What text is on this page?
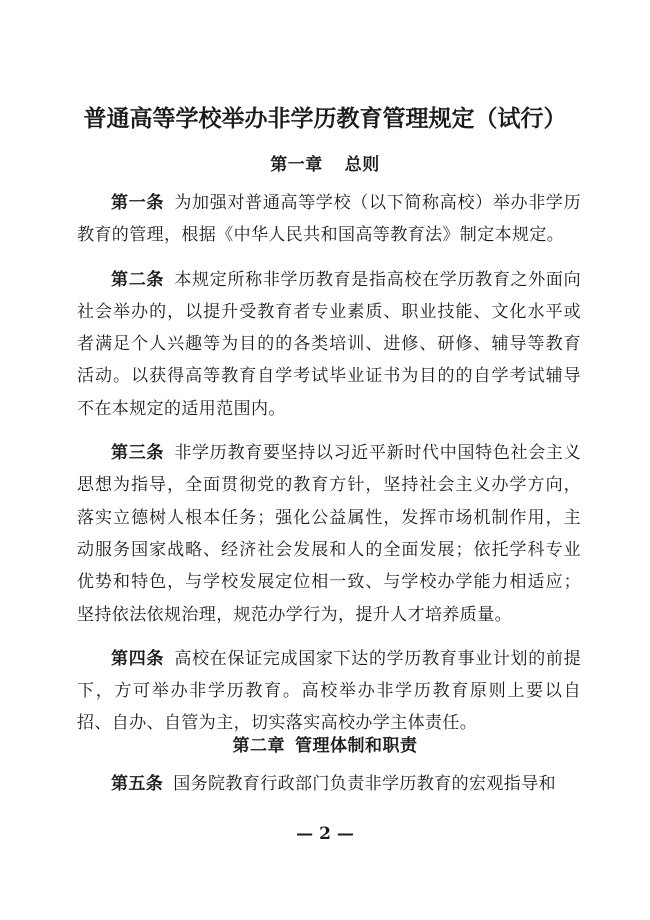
普通高等学校举办非学历教育管理规定（试行）
第一章 总则

第一条 为加强对普通高等学校（以下简称高校）举办非学历教育的管理，根据《中华人民共和国高等教育法》制定本规定。

第二条 本规定所称非学历教育是指高校在学历教育之外面向社会举办的，以提升受教育者专业素质、职业技能、文化水平或者满足个人兴趣等为目的的各类培训、进修、研修、辅导等教育活动。以获得高等教育自学考试毕业证书为目的的自学考试辅导不在本规定的适用范围内。

第三条 非学历教育要坚持以习近平新时代中国特色社会主义思想为指导，全面贯彻党的教育方针，坚持社会主义办学方向，落实立德树人根本任务；强化公益属性，发挥市场机制作用，主动服务国家战略、经济社会发展和人的全面发展；依托学科专业优势和特色，与学校发展定位相一致、与学校办学能力相适应；坚持依法依规治理，规范办学行为，提升人才培养质量。

第四条 高校在保证完成国家下达的学历教育事业计划的前提下，方可举办非学历教育。高校举办非学历教育原则上要以自招、自办、自管为主，切实落实高校办学主体责任。

第二章 管理体制和职责

第五条 国务院教育行政部门负责非学历教育的宏观指导和

— 2 —
